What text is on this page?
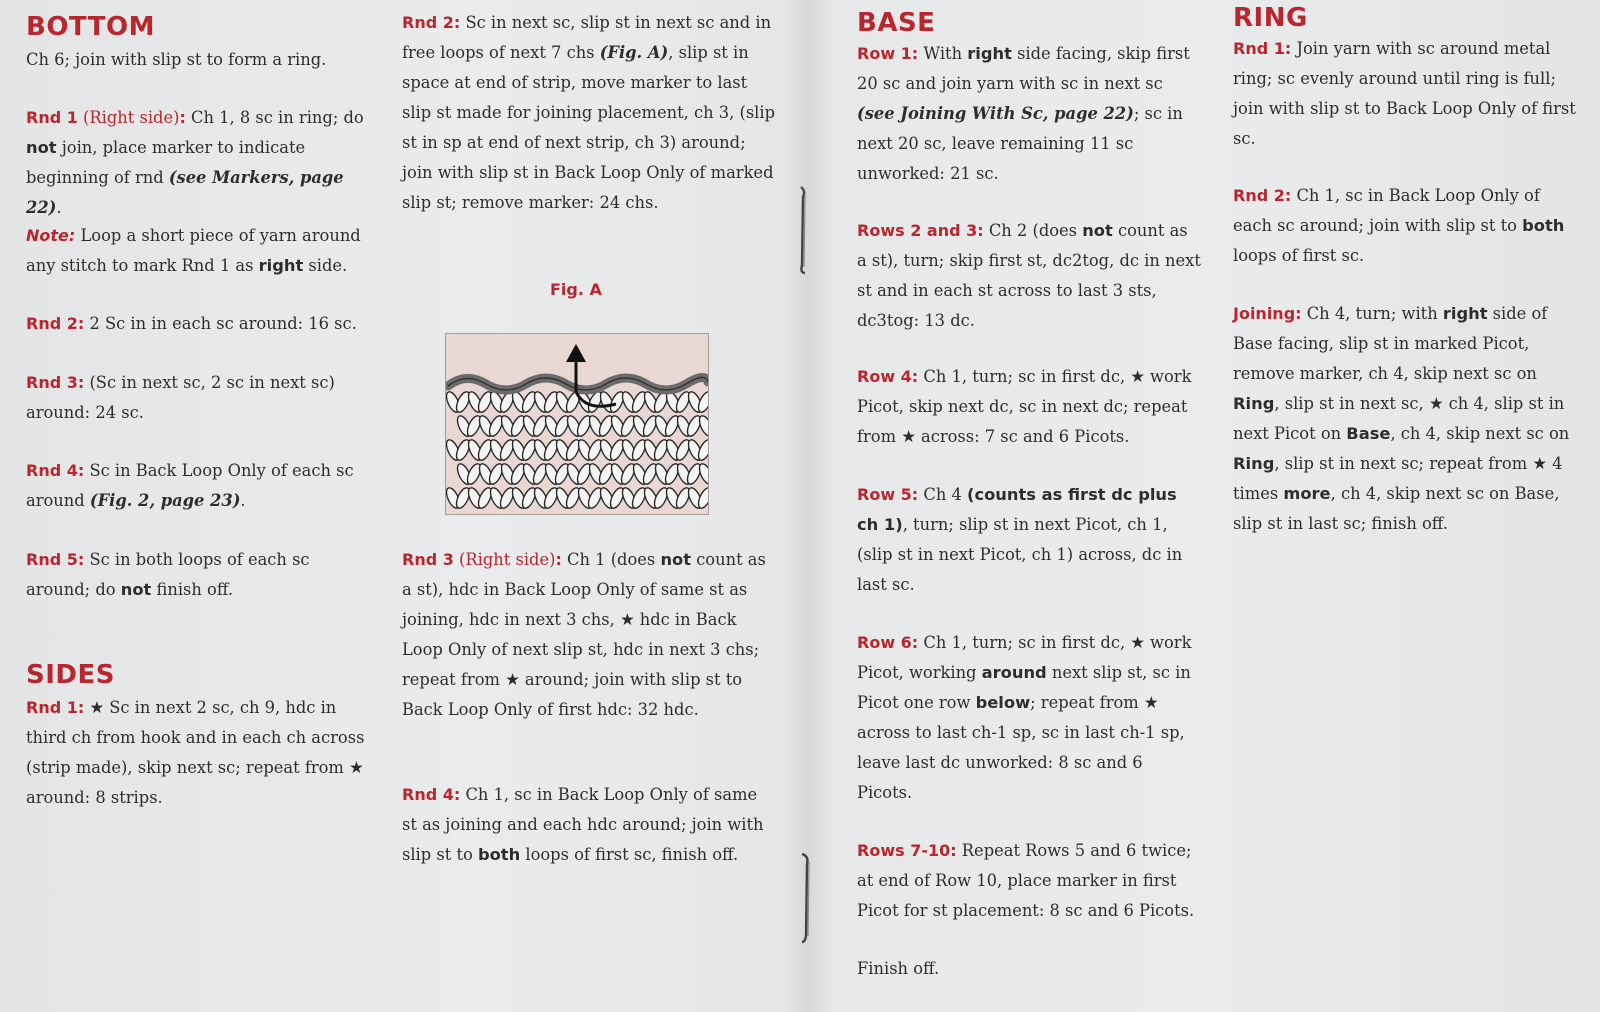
BOTTOM

Ch 6; join with slip st to form a ring.

Rnd 1 (Right side): Ch 1, 8 sc in ring; do not join, place marker to indicate beginning of rnd (see Markers, page 22).

Note: Loop a short piece of yarn around any stitch to mark Rnd 1 as right side.

Rnd 2: 2 Sc in in each sc around: 16 sc.

Rnd 3: (Sc in next sc, 2 sc in next sc) around: 24 sc.

Rnd 4: Sc in Back Loop Only of each sc around (Fig. 2, page 23).

Rnd 5: Sc in both loops of each sc around; do not finish off.

SIDES

Rnd 1: ★ Sc in next 2 sc, ch 9, hdc in third ch from hook and in each ch across (strip made), skip next sc; repeat from ★ around: 8 strips.

Rnd 2: Sc in next sc, slip st in next sc and in free loops of next 7 chs (Fig. A), slip st in space at end of strip, move marker to last slip st made for joining placement, ch 3, (slip st in sp at end of next strip, ch 3) around; join with slip st in Back Loop Only of marked slip st; remove marker: 24 chs.

Rnd 3 (Right side): Ch 1 (does not count as a st), hdc in Back Loop Only of same st as joining, hdc in next 3 chs, ★ hdc in Back Loop Only of next slip st, hdc in next 3 chs; repeat from ★ around; join with slip st to Back Loop Only of first hdc: 32 hdc.

Rnd 4: Ch 1, sc in Back Loop Only of same st as joining and each hdc around; join with slip st to both loops of first sc, finish off.

Fig. A
BASE

Row 1: With right side facing, skip first 20 sc and join yarn with sc in next sc (see Joining With Sc, page 22); sc in next 20 sc, leave remaining 11 sc unworked: 21 sc.

Rows 2 and 3: Ch 2 (does not count as a st), turn; skip first st, dc2tog, dc in next st and in each st across to last 3 sts, dc3tog: 13 dc.

Row 4: Ch 1, turn; sc in first dc, ★ work Picot, skip next dc, sc in next dc; repeat from ★ across: 7 sc and 6 Picots.

Row 5: Ch 4 (counts as first dc plus ch 1), turn; slip st in next Picot, ch 1, (slip st in next Picot, ch 1) across, dc in last sc.

Row 6: Ch 1, turn; sc in first dc, ★ work Picot, working around next slip st, sc in Picot one row below; repeat from ★ across to last ch-1 sp, sc in last ch-1 sp, leave last dc unworked: 8 sc and 6 Picots.

Rows 7-10: Repeat Rows 5 and 6 twice; at end of Row 10, place marker in first Picot for st placement: 8 sc and 6 Picots.

Finish off.

RING

Rnd 1: Join yarn with sc around metal ring; sc evenly around until ring is full; join with slip st to Back Loop Only of first sc.

Rnd 2: Ch 1, sc in Back Loop Only of each sc around; join with slip st to both loops of first sc.

Joining: Ch 4, turn; with right side of Base facing, slip st in marked Picot, remove marker, ch 4, skip next sc on Ring, slip st in next sc, ★ ch 4, slip st in next Picot on Base, ch 4, skip next sc on Ring, slip st in next sc; repeat from ★ 4 times more, ch 4, skip next sc on Base, slip st in last sc; finish off.
